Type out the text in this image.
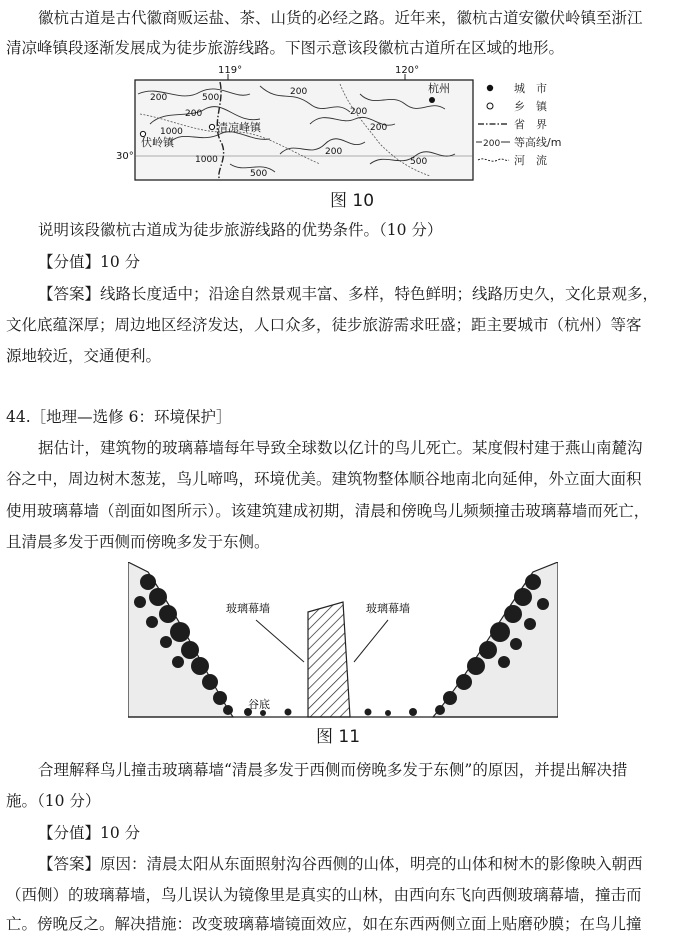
徽杭古道是古代徽商贩运盐、茶、山货的必经之路。近年来，徽杭古道安徽伏岭镇至浙江
清凉峰镇段逐渐发展成为徒步旅游线路。下图示意该段徽杭古道所在区域的地形。
119°	120°
30°
200
200
1000
500
200
200
200
1000
500
200
500
伏岭镇
清凉峰镇
杭州	城　市
乡　镇
省　界
200 等高线/m
河　流
图 10
说明该段徽杭古道成为徒步旅游线路的优势条件。（10 分）
【分值】10 分
【答案】线路长度适中；沿途自然景观丰富、多样，特色鲜明；线路历史久，文化景观多，
文化底蕴深厚；周边地区经济发达，人口众多，徒步旅游需求旺盛；距主要城市（杭州）等客
源地较近，交通便利。
44.［地理—选修 6：环境保护］
据估计，建筑物的玻璃幕墙每年导致全球数以亿计的鸟儿死亡。某度假村建于燕山南麓沟
谷之中，周边树木葱茏，鸟儿啼鸣，环境优美。建筑物整体顺谷地南北向延伸，外立面大面积
使用玻璃幕墙（剖面如图所示）。该建筑建成初期，清晨和傍晚鸟儿频频撞击玻璃幕墙而死亡，
且清晨多发于西侧而傍晚多发于东侧。
玻璃幕墙	玻璃幕墙
谷底
图 11
合理解释鸟儿撞击玻璃幕墙“清晨多发于西侧而傍晚多发于东侧”的原因，并提出解决措
施。（10 分）
【分值】10 分
【答案】原因：清晨太阳从东面照射沟谷西侧的山体，明亮的山体和树木的影像映入朝西
（西侧）的玻璃幕墙，鸟儿误认为镜像里是真实的山林，由西向东飞向西侧玻璃幕墙，撞击而
亡。傍晚反之。解决措施：改变玻璃幕墙镜面效应，如在东西两侧立面上贴磨砂膜；在鸟儿撞
